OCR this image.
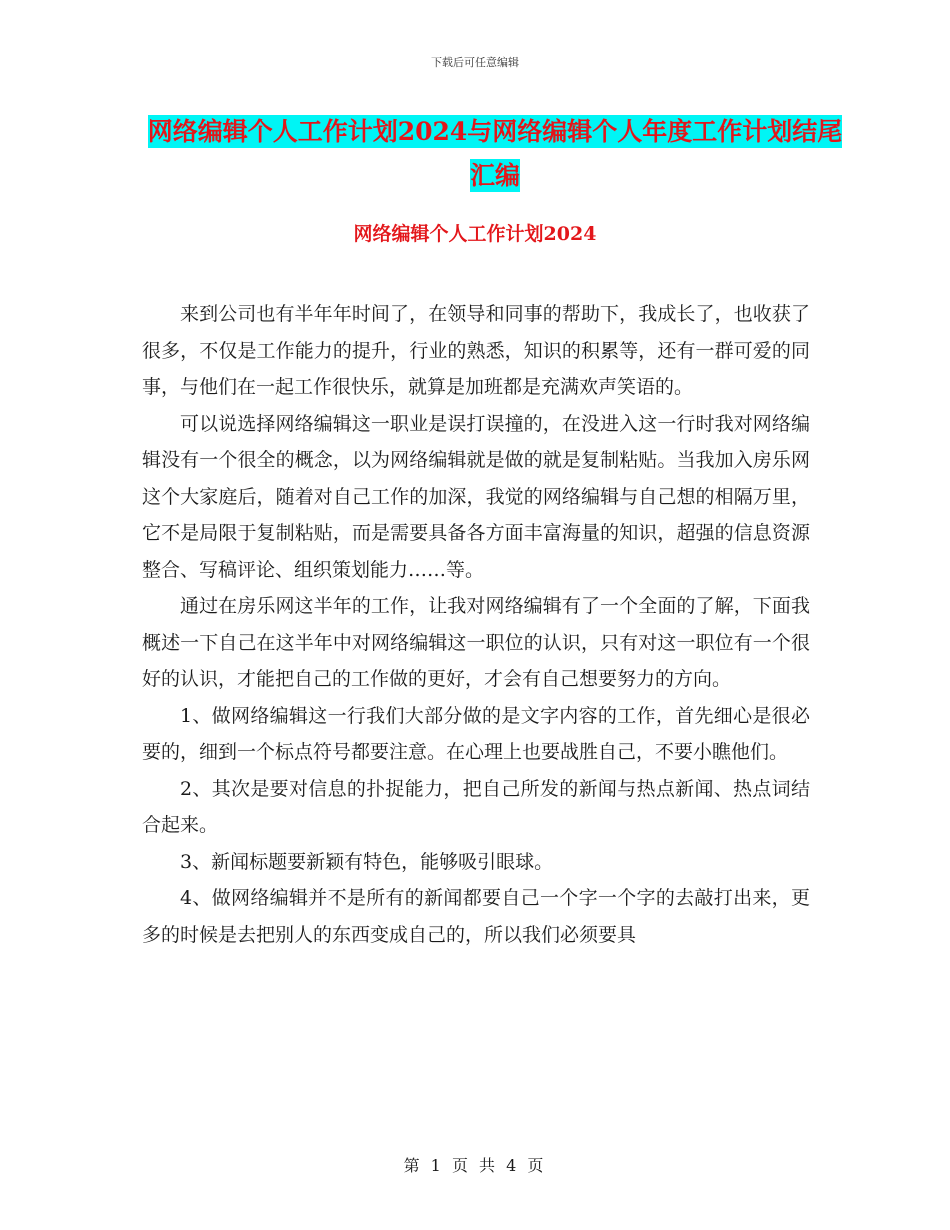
下载后可任意编辑
网络编辑个人工作计划2024与网络编辑个人年度工作计划结尾汇编
网络编辑个人工作计划2024

来到公司也有半年年时间了，在领导和同事的帮助下，我成长了，也收获了很多，不仅是工作能力的提升，行业的熟悉，知识的积累等，还有一群可爱的同事，与他们在一起工作很快乐，就算是加班都是充满欢声笑语的。

可以说选择网络编辑这一职业是误打误撞的，在没进入这一行时我对网络编辑没有一个很全的概念，以为网络编辑就是做的就是复制粘贴。当我加入房乐网这个大家庭后，随着对自己工作的加深，我觉的网络编辑与自己想的相隔万里，它不是局限于复制粘贴，而是需要具备各方面丰富海量的知识，超强的信息资源整合、写稿评论、组织策划能力……等。

通过在房乐网这半年的工作，让我对网络编辑有了一个全面的了解，下面我概述一下自己在这半年中对网络编辑这一职位的认识，只有对这一职位有一个很好的认识，才能把自己的工作做的更好，才会有自己想要努力的方向。

1、做网络编辑这一行我们大部分做的是文字内容的工作，首先细心是很必要的，细到一个标点符号都要注意。在心理上也要战胜自己，不要小瞧他们。

2、其次是要对信息的扑捉能力，把自己所发的新闻与热点新闻、热点词结合起来。

3、新闻标题要新颖有特色，能够吸引眼球。

4、做网络编辑并不是所有的新闻都要自己一个字一个字的去敲打出来，更多的时候是去把别人的东西变成自己的，所以我们必须要具

第 1 页 共 4 页
